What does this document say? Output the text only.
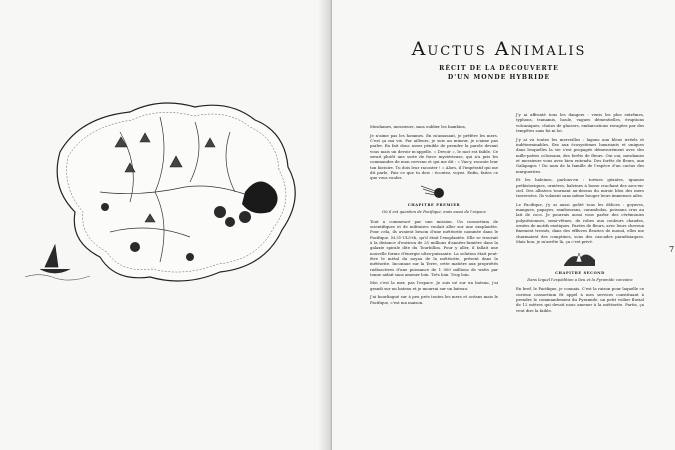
Auctus Animalis
RÉCIT DE LA DÉCOUVERTE
D'UN MONDE HYBRIDE

Mesdames, messieurs, sans oublier les bambins,

Je n'aime pas les hommes. En m'amusant, je préfère les mers. C'est ça ma vie. Par ailleurs, je suis un mineur, je n'aime pas parler. En fait donc assez pénible de prendre la parole devant vous mais un devoir m'appelle. « Devoir », le mot est faible. Ce serait plutôt une sorte de force mystérieuse, qui n'a pris les commandes de mon cerveau et qui me dit : « Vas-y, raconte leur ton histoire. Tu dois leur raconter ! » Alors, il l'impératif qui me dit parle, Fais ce que tu dois : écoutez, voyez. Enfin, faites ce que vous voulez.

CHAPITRE PREMIER
Où il est question de Pacifique, mais aussi de l'espace

Tout a commencé par une mission. Un consortium de scientifiques et de militaires voulait aller sur une exoplanète. Pour cela, ils avaient besoin d'une météorite nommée dans le Pacifique. M.31-UL5-th, qu'il était l'exoplanète. Elle se trouvait à la distance d'environ de 25 millions d'années-lumière dans la galaxie spirale dite du Tourbillon. Pour y aller, il fallait une nouvelle forme d'énergie ultra-puissante. La solution était peut-être le métal du noyau de la météorite, présent dans la météorite. Inconnue sur la Terre, cette matière aux propriétés radioactives d'une puissance de 1 000 millions de watts par tonne aidait sans amener loin. Très loin. Trop loin.

Moi c'est la mer, pas l'espace. Je suis né sur un bateau, j'ai grandi sur un bateau et je mourrai sur un bateau.

J'ai bourlingué sur à peu près toutes les mers et océans mais le Pacifique, c'est ma maison.

J'y ai affronté tous les dangers : vents les plus extrêmes, typhons, tsunamis, houle, vagues démentielles, éruptions volcaniques, chutes de glaciers, embarcations ravagées par des tempêtes sans foi ni loi.

J'y ai vu toutes les merveilles : lagons aux bleus irréels et indéterminables, îles aux écosystèmes luxuriants et uniques dans lesquelles la vie s'est propagée démesurément avec des mille-pattes colossaux, des forêts de fleurs. Oui oui, mesdames et messieurs vous avez bien entendu. Des forêts de fleurs, aux Galápagos ! Du nom de la famille de l'espèce d'un cactus des marguerites.

Et les baleines, parlons-en : tortues géantes, iguanes préhistoriques, ornières, baleines à bosse crachant des arcs-en-ciel. Des albatros tournant au-dessus du miroir bleu des mers traversées. Ils volaient sans même bouger leurs immenses ailes.

Le Pacifique, j'y ai aussi goûté tous les délices : goyaves, mangues, papayes, rambourans, carambolas, poissons crus au lait de coco. Je pourrais aussi vous parler des cérémonies polynésiennes, semi-vêtues, de robes aux couleurs chaudes, ornées de motifs exotiques. Parées de fleurs, avec leurs cheveux finement tressés, dans des effluves fleuries de monoï, elles me charmaient des comptines, sous des cascades paradisiaques. Mais bon, je m'arrête là, ça c'est privé.

CHAPITRE SECOND
Dans lequel l'expédition a lieu et la Pyramide convainc

En bref, le Pacifique, je connais. C'est la raison pour laquelle ce curieux consortium fit appel à mes services constituant à prendre le commandement du Pyramide, un petit voilier fluvial de 12 mètres qui devait nous amener à la météorite. Partis, ça veut dire la faible.

7
